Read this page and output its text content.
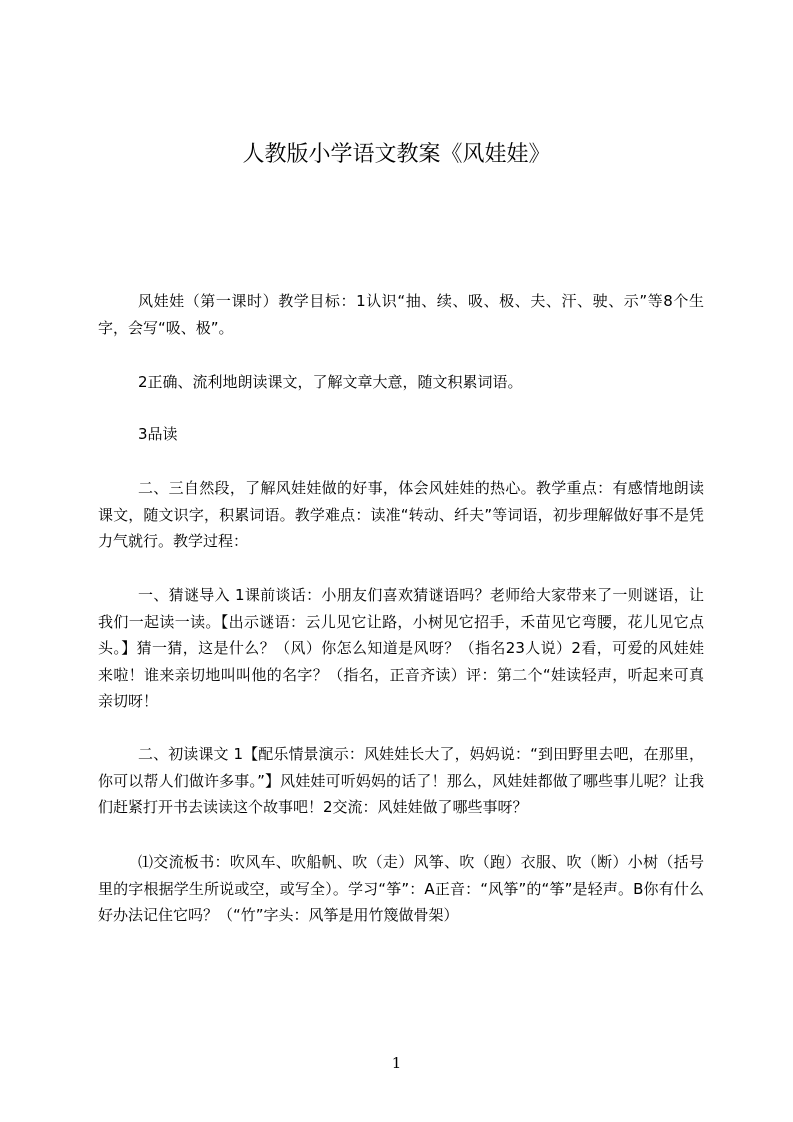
人教版小学语文教案《风娃娃》

风娃娃（第一课时）教学目标：1认识“抽、续、吸、极、夫、汗、驶、示”等8个生字，会写“吸、极”。

2正确、流利地朗读课文，了解文章大意，随文积累词语。

3品读

二、三自然段，了解风娃娃做的好事，体会风娃娃的热心。教学重点：有感情地朗读课文，随文识字，积累词语。教学难点：读准“转动、纤夫”等词语，初步理解做好事不是凭力气就行。教学过程：

一、猜谜导入 1课前谈话：小朋友们喜欢猜谜语吗？老师给大家带来了一则谜语，让我们一起读一读。【出示谜语：云儿见它让路，小树见它招手，禾苗见它弯腰，花儿见它点头。】猜一猜，这是什么？（风）你怎么知道是风呀？（指名23人说）2看，可爱的风娃娃来啦！谁来亲切地叫叫他的名字？（指名，正音齐读）评：第二个“娃读轻声，听起来可真亲切呀！

二、初读课文 1【配乐情景演示：风娃娃长大了，妈妈说：“到田野里去吧，在那里，你可以帮人们做许多事。”】风娃娃可听妈妈的话了！那么，风娃娃都做了哪些事儿呢？让我们赶紧打开书去读读这个故事吧！2交流：风娃娃做了哪些事呀？

⑴交流板书：吹风车、吹船帆、吹（走）风筝、吹（跑）衣服、吹（断）小树（括号里的字根据学生所说或空，或写全）。学习“筝”：A正音：“风筝”的“筝”是轻声。B你有什么好办法记住它吗？（“竹”字头：风筝是用竹篾做骨架）

1
